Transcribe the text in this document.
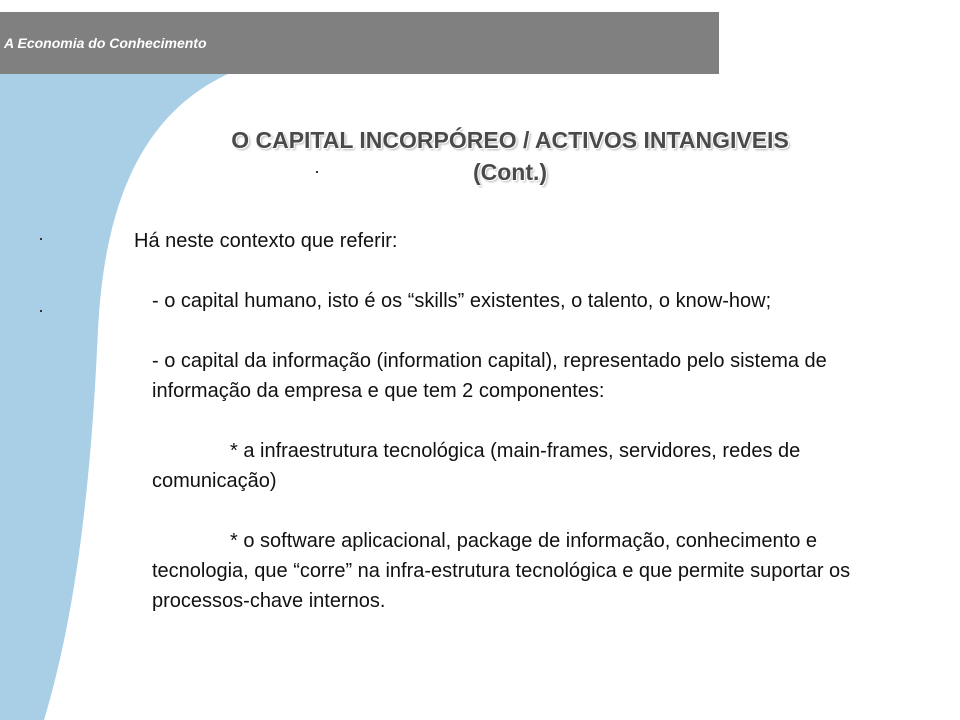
A Economia do Conhecimento
O CAPITAL INCORPÓREO / ACTIVOS INTANGIVEIS
(Cont.)
Há neste contexto que referir:

- o capital humano, isto é os “skills” existentes, o talento, o know-how;

- o capital da informação (information capital), representado pelo sistema de informação da empresa e que tem 2 componentes:

* a infraestrutura tecnológica (main-frames, servidores, redes de comunicação)

* o software aplicacional, package de informação, conhecimento e tecnologia, que “corre” na infra-estrutura tecnológica e que permite suportar os processos-chave internos.
